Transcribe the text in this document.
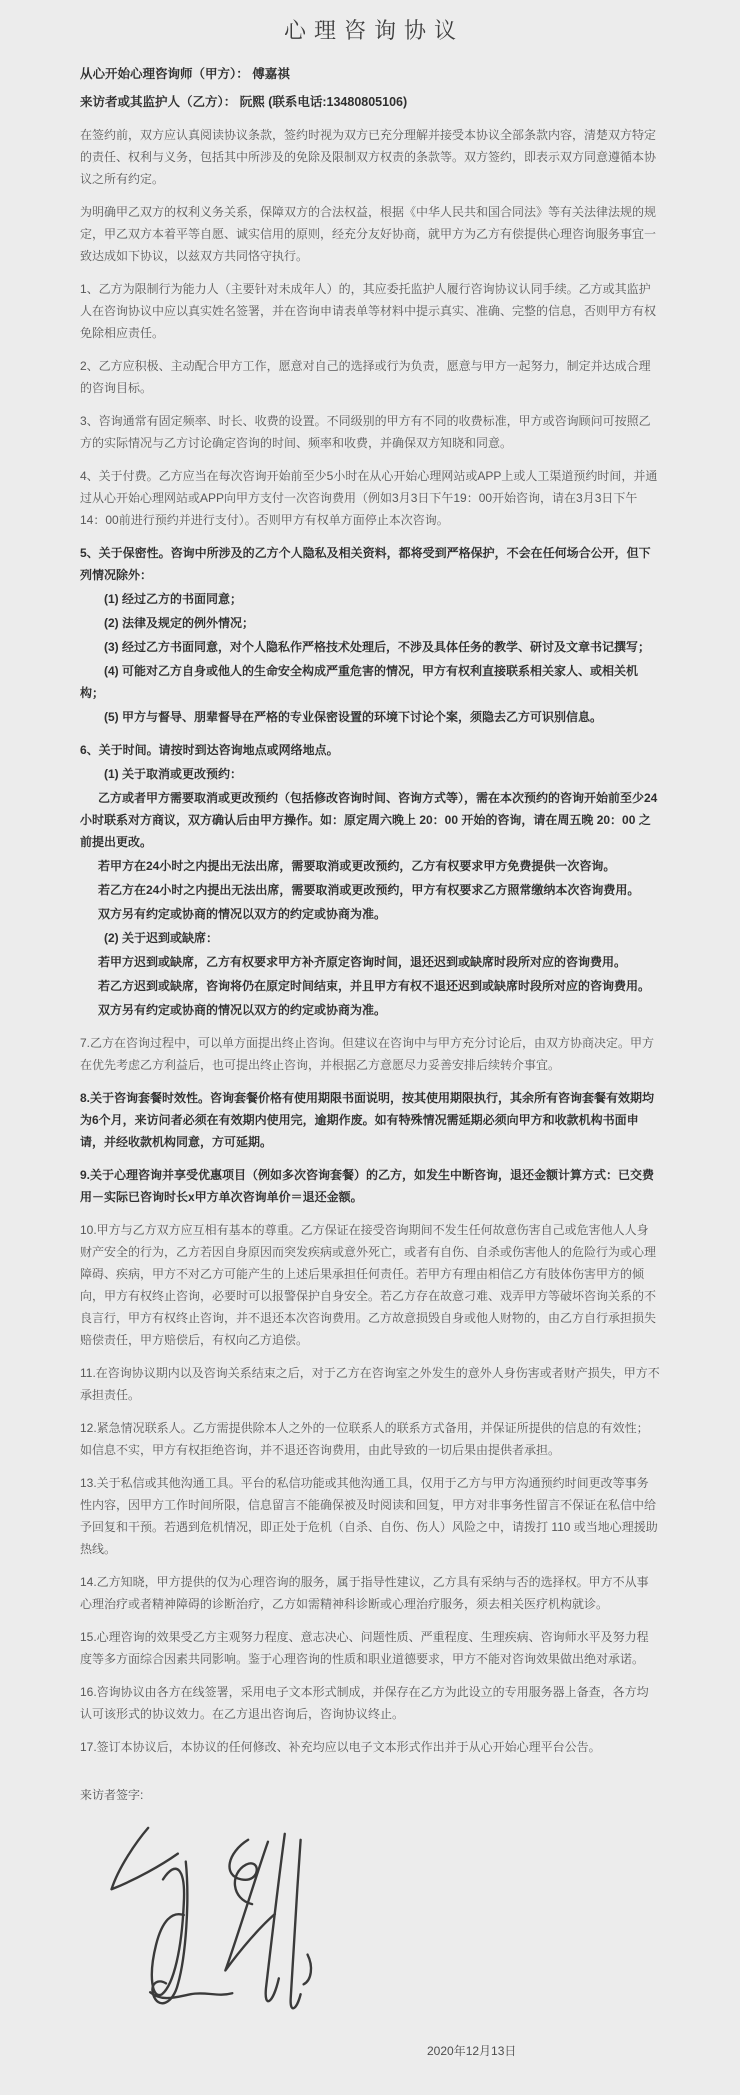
心理咨询协议

从心开始心理咨询师（甲方）： 傅嘉祺

来访者或其监护人（乙方）： 阮熙 (联系电话:13480805106)

在签约前，双方应认真阅读协议条款，签约时视为双方已充分理解并接受本协议全部条款内容，清楚双方特定的责任、权利与义务，包括其中所涉及的免除及限制双方权责的条款等。双方签约，即表示双方同意遵循本协议之所有约定。

为明确甲乙双方的权利义务关系，保障双方的合法权益，根据《中华人民共和国合同法》等有关法律法规的规定，甲乙双方本着平等自愿、诚实信用的原则，经充分友好协商，就甲方为乙方有偿提供心理咨询服务事宜一致达成如下协议，以兹双方共同恪守执行。

1、乙方为限制行为能力人（主要针对未成年人）的，其应委托监护人履行咨询协议认同手续。乙方或其监护人在咨询协议中应以真实姓名签署，并在咨询申请表单等材料中提示真实、准确、完整的信息，否则甲方有权免除相应责任。

2、乙方应积极、主动配合甲方工作，愿意对自己的选择或行为负责，愿意与甲方一起努力，制定并达成合理的咨询目标。

3、咨询通常有固定频率、时长、收费的设置。不同级别的甲方有不同的收费标准，甲方或咨询顾问可按照乙方的实际情况与乙方讨论确定咨询的时间、频率和收费，并确保双方知晓和同意。

4、关于付费。乙方应当在每次咨询开始前至少5小时在从心开始心理网站或APP上或人工渠道预约时间，并通过从心开始心理网站或APP向甲方支付一次咨询费用（例如3月3日下午19：00开始咨询，请在3月3日下午14：00前进行预约并进行支付）。否则甲方有权单方面停止本次咨询。

5、关于保密性。咨询中所涉及的乙方个人隐私及相关资料，都将受到严格保护，不会在任何场合公开，但下列情况除外：

(1) 经过乙方的书面同意；

(2) 法律及规定的例外情况；

(3) 经过乙方书面同意，对个人隐私作严格技术处理后，不涉及具体任务的教学、研讨及文章书记撰写；

(4) 可能对乙方自身或他人的生命安全构成严重危害的情况，甲方有权利直接联系相关家人、或相关机构；

(5) 甲方与督导、朋辈督导在严格的专业保密设置的环境下讨论个案，须隐去乙方可识别信息。

6、关于时间。请按时到达咨询地点或网络地点。

(1) 关于取消或更改预约：

乙方或者甲方需要取消或更改预约（包括修改咨询时间、咨询方式等），需在本次预约的咨询开始前至少24小时联系对方商议，双方确认后由甲方操作。如：原定周六晚上 20：00 开始的咨询，请在周五晚 20：00 之前提出更改。

若甲方在24小时之内提出无法出席，需要取消或更改预约，乙方有权要求甲方免费提供一次咨询。

若乙方在24小时之内提出无法出席，需要取消或更改预约，甲方有权要求乙方照常缴纳本次咨询费用。

双方另有约定或协商的情况以双方的约定或协商为准。

(2) 关于迟到或缺席：

若甲方迟到或缺席，乙方有权要求甲方补齐原定咨询时间，退还迟到或缺席时段所对应的咨询费用。

若乙方迟到或缺席，咨询将仍在原定时间结束，并且甲方有权不退还迟到或缺席时段所对应的咨询费用。

双方另有约定或协商的情况以双方的约定或协商为准。

7.乙方在咨询过程中，可以单方面提出终止咨询。但建议在咨询中与甲方充分讨论后，由双方协商决定。甲方在优先考虑乙方利益后，也可提出终止咨询，并根据乙方意愿尽力妥善安排后续转介事宜。

8.关于咨询套餐时效性。咨询套餐价格有使用期限书面说明，按其使用期限执行，其余所有咨询套餐有效期均为6个月，来访问者必须在有效期内使用完，逾期作废。如有特殊情况需延期必须向甲方和收款机构书面申请，并经收款机构同意，方可延期。

9.关于心理咨询并享受优惠项目（例如多次咨询套餐）的乙方，如发生中断咨询，退还金额计算方式：已交费用－实际已咨询时长x甲方单次咨询单价＝退还金额。

10.甲方与乙方双方应互相有基本的尊重。乙方保证在接受咨询期间不发生任何故意伤害自己或危害他人人身财产安全的行为，乙方若因自身原因而突发疾病或意外死亡，或者有自伤、自杀或伤害他人的危险行为或心理障碍、疾病，甲方不对乙方可能产生的上述后果承担任何责任。若甲方有理由相信乙方有肢体伤害甲方的倾向，甲方有权终止咨询，必要时可以报警保护自身安全。若乙方存在故意刁难、戏弄甲方等破坏咨询关系的不良言行，甲方有权终止咨询，并不退还本次咨询费用。乙方故意损毁自身或他人财物的，由乙方自行承担损失赔偿责任，甲方赔偿后，有权向乙方追偿。

11.在咨询协议期内以及咨询关系结束之后，对于乙方在咨询室之外发生的意外人身伤害或者财产损失，甲方不承担责任。

12.紧急情况联系人。乙方需提供除本人之外的一位联系人的联系方式备用，并保证所提供的信息的有效性；如信息不实，甲方有权拒绝咨询，并不退还咨询费用，由此导致的一切后果由提供者承担。

13.关于私信或其他沟通工具。平台的私信功能或其他沟通工具，仅用于乙方与甲方沟通预约时间更改等事务性内容，因甲方工作时间所限，信息留言不能确保被及时阅读和回复，甲方对非事务性留言不保证在私信中给予回复和干预。若遇到危机情况，即正处于危机（自杀、自伤、伤人）风险之中，请拨打 110 或当地心理援助热线。

14.乙方知晓，甲方提供的仅为心理咨询的服务，属于指导性建议，乙方具有采纳与否的选择权。甲方不从事心理治疗或者精神障碍的诊断治疗，乙方如需精神科诊断或心理治疗服务，须去相关医疗机构就诊。

15.心理咨询的效果受乙方主观努力程度、意志决心、问题性质、严重程度、生理疾病、咨询师水平及努力程度等多方面综合因素共同影响。鉴于心理咨询的性质和职业道德要求，甲方不能对咨询效果做出绝对承诺。

16.咨询协议由各方在线签署，采用电子文本形式制成，并保存在乙方为此设立的专用服务器上备查，各方均认可该形式的协议效力。在乙方退出咨询后，咨询协议终止。

17.签订本协议后，本协议的任何修改、补充均应以电子文本形式作出并于从心开始心理平台公告。

来访者签字:

2020年12月13日
